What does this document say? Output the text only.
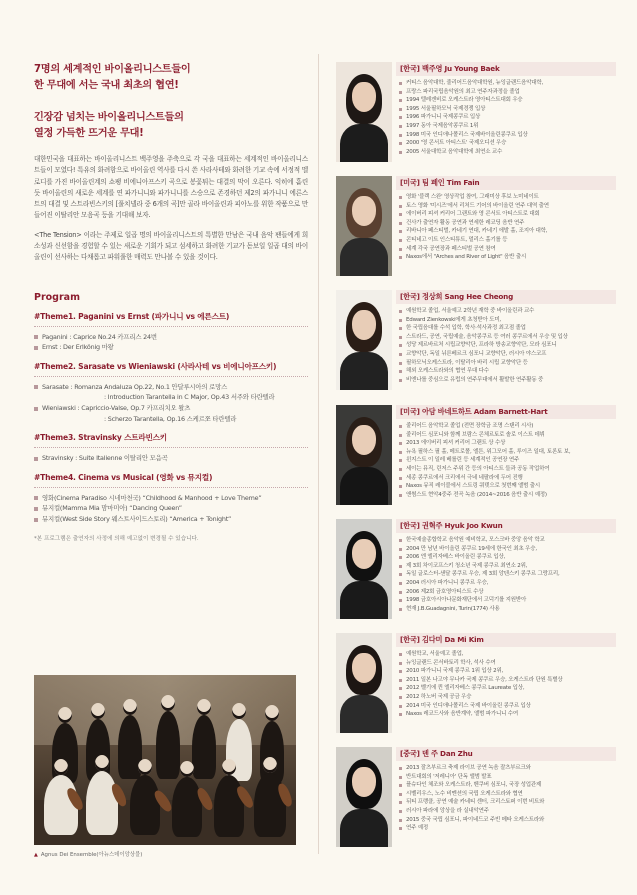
7명의 세계적인 바이올리니스트들이
한 무대에 서는 국내 최초의 협연!
긴장감 넘치는 바이올리니스트들의
열정 가득한 뜨거운 무대!

대한민국을 대표하는 바이올리니스트 백주영을 주축으로 각 국을 대표하는 세계적인 바이올리니스트들이 모였다! 특유의 화려함으로 바이올린 역사를 다시 쓴 사라사테와 화려한 기교 속에 서정적 멜로디를 가진 바이올린계의 쇼팽 비에니아프스키 곡으로 봉꽃튀는 대결의 막이 오른다. 익히에 흩린 듯 바이올린의 새로운 세계를 연 파가니니와 파가니니를 스승으로 존경하던 제2의 파가니니 에른스트의 대결 및 스트라빈스키의 [풀치넬라 중 6개의 곡]만 골라 바이올린과 피아노를 위한 작품으로 만들어진 이탈리안 모음곡 등을 기대해 보자.

<The Tension> 이라는 주제로 일곱 명의 바이올리니스트의 특별한 만남은 국내 음악 팬들에게 희소성과 신선함을 경험할 수 있는 새로운 기회가 되고 섬세하고 화려한 기교가 돋보일 일곱 대의 바이올린이 선사하는 다채롭고 파워풀한 매력도 만나볼 수 있을 것이다.

Program
#Theme1. Paganini vs Ernst (파가니니 vs 에른스트)
Paganini : Caprice No.24 카프리스 24번
Ernst : Der Erlkönig 마왕
#Theme2. Sarasate vs Wieniawski (사라사테 vs 비에니아프스키)
Sarasate : Romanza Andaluza Op.22, No.1 안달루시아의 로망스
: Introduction Tarantella in C Major, Op.43 서주와 타란텔라
Wieniawski : Capriccio-Valse, Op.7 카프리치오 왈츠
: Scherzo Tarantella, Op.16 스케르쪼 타란텔라
#Theme3. Stravinsky 스트라빈스키
Stravinsky : Suite Italienne 이탈리안 모음곡
#Theme4. Cinema vs Musical (영화 vs 뮤지컬)
영화(Cinema Paradiso 시네마천국) “Childhood & Manhood + Love Theme”
뮤지컬(Mamma Mia 맘마미아) “Dancing Queen”
뮤지컬(West Side Story 웨스트사이드스토리) “America + Tonight”
*본 프로그램은 출연자의 사정에 의해 예고없이 변경될 수 있습니다.
▲ Agnus Dei Ensemble(아뉴스데이앙상블)
[한국] 백주영 Ju Young Baek
커티스 음악대학, 줄리어드음악대학원, 뉴잉글랜드음악대학,
프랑스 파리국립음악원의 최고 연주자과정을 졸업
1994 텔레겐비로 오케스트라 영아티스트대회 우승
1995 서울필하모닉 국제경쟁 입상
1996 파가니니 국제콩쿠르 입상
1997 동아 국제음악콩쿠르 1위
1998 미국 인디애나폴리스 국제바이올린콩쿠르 입상
2000 '영 콘서트 아티스트' 국제오디션 우승
2005 서울대학교 음악대학에 최연소 교수
[미국] 팀 페인 Tim Fain
영화 '블랙 스완' 영상작업 참여, 그래미상 후보 노미네이트
토스 영화 '미시즈'에서 리처드 기어의 바이올린 연주 대역 출연
에이버리 피셔 커리어 그랜트와 영 콘서트 아티스트로 대회
건사가 출연자 활동 공연과 연세한 레코딩 음반 연주
리바니아 페스티벌, 카네기 연대, 카네기 에발 홀, 조지아 대학,
콘티네고 이트 인스티튜트, 멀리스 홀기를 등
세계 각국 공연장과 페스티벌 공연 참여
Naxos에서 "Arches and River of Light" 음반 출시
[한국] 정상희 Sang Hee Cheong
예원학교 졸업, 서울예고 2학년 재학 중 바이올린과 교수
Edward Zienkowski에게 초청받아 도미,
한 국립음대를 수석 입학, 학사·석사과정 최고점 졸업
스트라드, 공연, 국립예술, 음악콩쿠르 등 여러 콩쿠르에서 우승 및 입상
성당 제르바르처 시립교향악단, 프라하 방송교향악단, 모라 심포니
교향악단, 독일 뉘른베르크 심포니 교향악단, 러시아 야스코프
필하모닉오케스트라, 이탈리아 바리 시립 교향악단 등
해외 오케스트라와의 협연 무대 다수
비엔나를 중심으로 유럽의 연주무대에서 활발한 연주활동 중
[미국] 아담 바네트하트 Adam Barnett-Hart
줄리어드 음악학교 졸업 (전면 장학금 조명 스탠리 시사)
줄리어드 심포니와 함께 브람스 콘체르토로 솔로 이스트 데뷔
2013 에이버리 피셔 커리어 그랜트 상 수상
뉴욕 필하스 필 홀, 메트로폴, 엘튼, 위그모어 홀, 루이즈 일대, 토론토 보,
윈지스트 이 일레 베를린 등 세계적인 공연장 연주
세이는 뮤직, 린저스 주위 간 등의 아티스트 들과 공동 작업하여
세종 콩쿠르에서 크리에서 극네 네팔라에 두어 진행
Naxos 뮤직 레이블에서 스트링 쿼텟으로 첫번째 앨범 출시
앤썸스트 현악4중주 전곡 녹음 (2014~2016 음반 출시 예정)
[한국] 권혁주 Hyuk Joo Kwun
한국예술종합학교 음악원 예비학교, 모스크바 중앙 음악 학교
2004 만 남년 바이올린 콩쿠르 19세에 한국인 최초 우승,
2006 엔 엘리자베스 바이올린 콩쿠르 입상,
제 3회 차이코프스키 청소년 국제 콩쿠르 최연소 2위,
독일 글로스터-샌달 콩쿠르 우승, 제 3회 앙텐스키 콩쿠르 그랑프리,
2004 러시아 파가니니 콩쿠르 우승,
2006 제2회 금호영아티스트 수상
1998 금호아시아나문화재단에서 고덕기를 지원받아
현재 J.B.Guadagnini, Turin(1774) 사용
[한국] 김다미 Da Mi Kim
예원학교, 서울예고 졸업,
뉴잉글랜드 콘서바토리 학사, 석사 수여
2010 파가니니 국제 콩쿠르 1위 입상 2위,
2011 일본 나고야 무나카 국제 콩쿠르 우승, 오케스트라 단원 특별상
2012 벨기에 퀸 엘리자베스 콩쿠르 Laureate 입상,
2012 하노버 국제 공금 우승
2014 미국 인디애나폴리스 국제 바이올린 콩쿠르 입상
Naxos 레코드사와 음반계약, 앨범 파가니니 수여
[중국] 덴 주 Dan Zhu
2013 잘츠부르크 축제 라이브 공연 녹음 잘츠부르크와
반트대회의 '저레니아' 단독 앨범 발표
플슈다인 체조와 오케스트라, 벤쿠버 심포니, 국장 성업관제
시벨리우스, 노수 비멘션의 국립 오케스트라와 협연
뒤티 프랭클, 공연 예술 카네티 센터, 크리스토퍼 이번 비트와
러시아 파라에 앙상을 라 실내악연주
2015 중국 국립 심포니, 파이네드코 주빈 메타 오케스트라와
연주 예정
